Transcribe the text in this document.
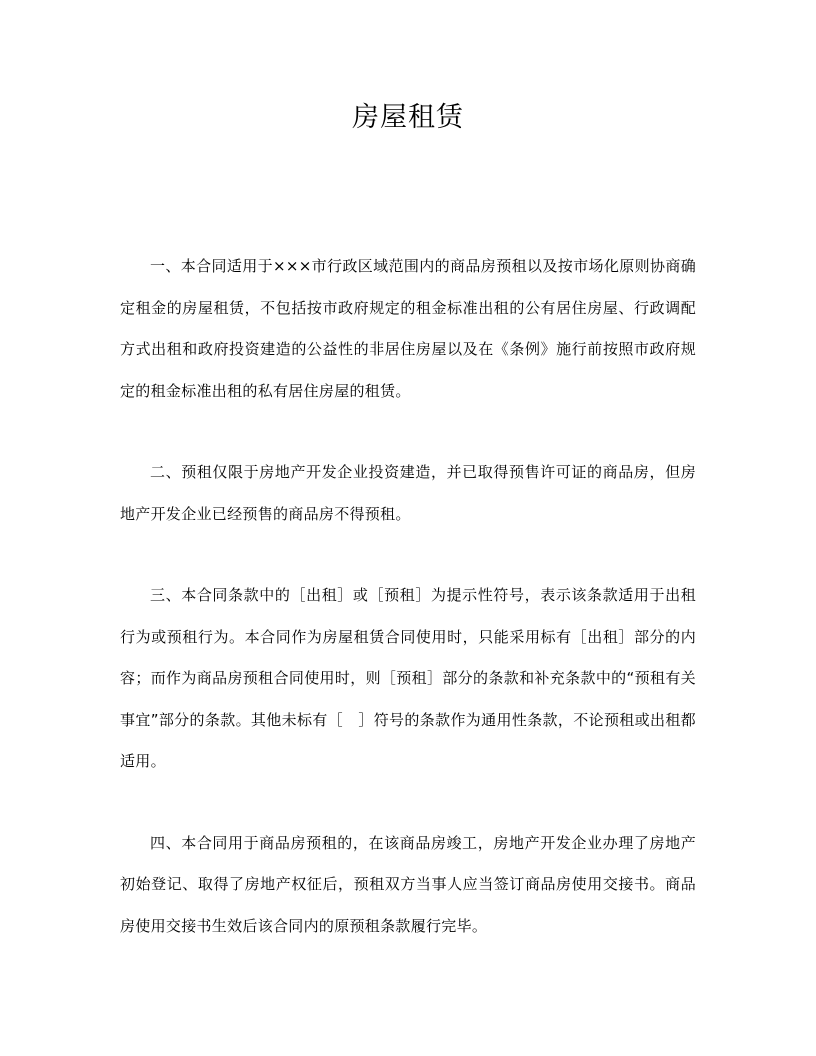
房屋租赁

一、本合同适用于×××市行政区域范围内的商品房预租以及按市场化原则协商确定租金的房屋租赁，不包括按市政府规定的租金标准出租的公有居住房屋、行政调配方式出租和政府投资建造的公益性的非居住房屋以及在《条例》施行前按照市政府规定的租金标准出租的私有居住房屋的租赁。

二、预租仅限于房地产开发企业投资建造，并已取得预售许可证的商品房，但房地产开发企业已经预售的商品房不得预租。

三、本合同条款中的［出租］或［预租］为提示性符号，表示该条款适用于出租行为或预租行为。本合同作为房屋租赁合同使用时，只能采用标有［出租］部分的内容；而作为商品房预租合同使用时，则［预租］部分的条款和补充条款中的“预租有关事宜”部分的条款。其他未标有［　］符号的条款作为通用性条款，不论预租或出租都适用。

四、本合同用于商品房预租的，在该商品房竣工，房地产开发企业办理了房地产初始登记、取得了房地产权征后，预租双方当事人应当签订商品房使用交接书。商品房使用交接书生效后该合同内的原预租条款履行完毕。
